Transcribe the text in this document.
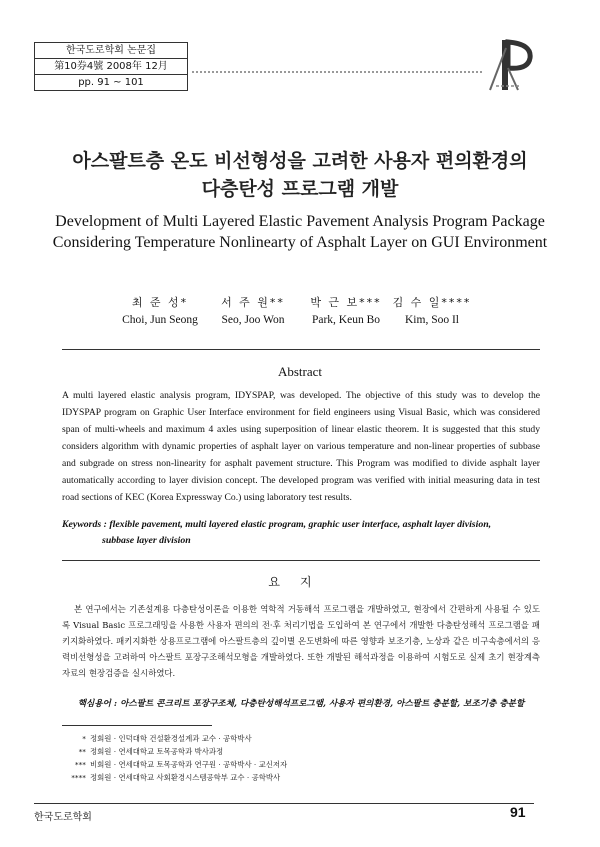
한국도로학회 논문집
第10券4號 2008年 12月
pp. 91 ~ 101
아스팔트층 온도 비선형성을 고려한 사용자 편의환경의
다층탄성 프로그램 개발
Development of Multi Layered Elastic Pavement Analysis Program Package
Considering Temperature Nonlinearty of Asphalt Layer on GUI Environment
최 준 성*
Choi, Jun Seong
서 주 원**
Seo, Joo Won
박 근 보***
Park, Keun Bo
김 수 일****
Kim, Soo Il
Abstract
A multi layered elastic analysis program, IDYSPAP, was developed. The objective of this study was to develop the IDYSPAP program on Graphic User Interface environment for field engineers using Visual Basic, which was considered span of multi-wheels and maximum 4 axles using superposition of linear elastic theorem. It is suggested that this study considers algorithm with dynamic properties of asphalt layer on various temperature and non-linear properties of subbase and subgrade on stress non-linearity for asphalt pavement structure. This Program was modified to divide asphalt layer automatically according to layer division concept. The developed program was verified with initial measuring data in test road sections of KEC (Korea Expressway Co.) using laboratory test results.
Keywords : flexible pavement, multi layered elastic program, graphic user interface, asphalt layer division,
subbase layer division
요지
본 연구에서는 기존설계용 다층탄성이론을 이용한 역학적 거동해석 프로그램을 개발하였고, 현장에서 간편하게 사용될 수 있도록 Visual Basic 프로그래밍을 사용한 사용자 편의의 전·후 처리기법을 도입하여 본 연구에서 개발한 다층탄성해석 프로그램을 패키지화하였다. 패키지화한 상용프로그램에 아스팔트층의 깊이별 온도변화에 따른 영향과 보조기층, 노상과 같은 비구속층에서의 응력비선형성을 고려하여 아스팔트 포장구조해석모형을 개발하였다. 또한 개발된 해석과정을 이용하여 시험도로 실제 초기 현장계측자료의 현장검증을 실시하였다.
핵심용어 : 아스팔트 콘크리트 포장구조체, 다층탄성해석프로그램, 사용자 편의환경, 아스팔트 층분할, 보조기층 층분할
* 정회원 · 인덕대학 건설환경설계과 교수 · 공학박사
** 정회원 · 연세대학교 토목공학과 박사과정
*** 비회원 · 연세대학교 토목공학과 연구원 · 공학박사 · 교신저자
**** 정회원 · 연세대학교 사회환경시스템공학부 교수 · 공학박사
한국도로학회	91
